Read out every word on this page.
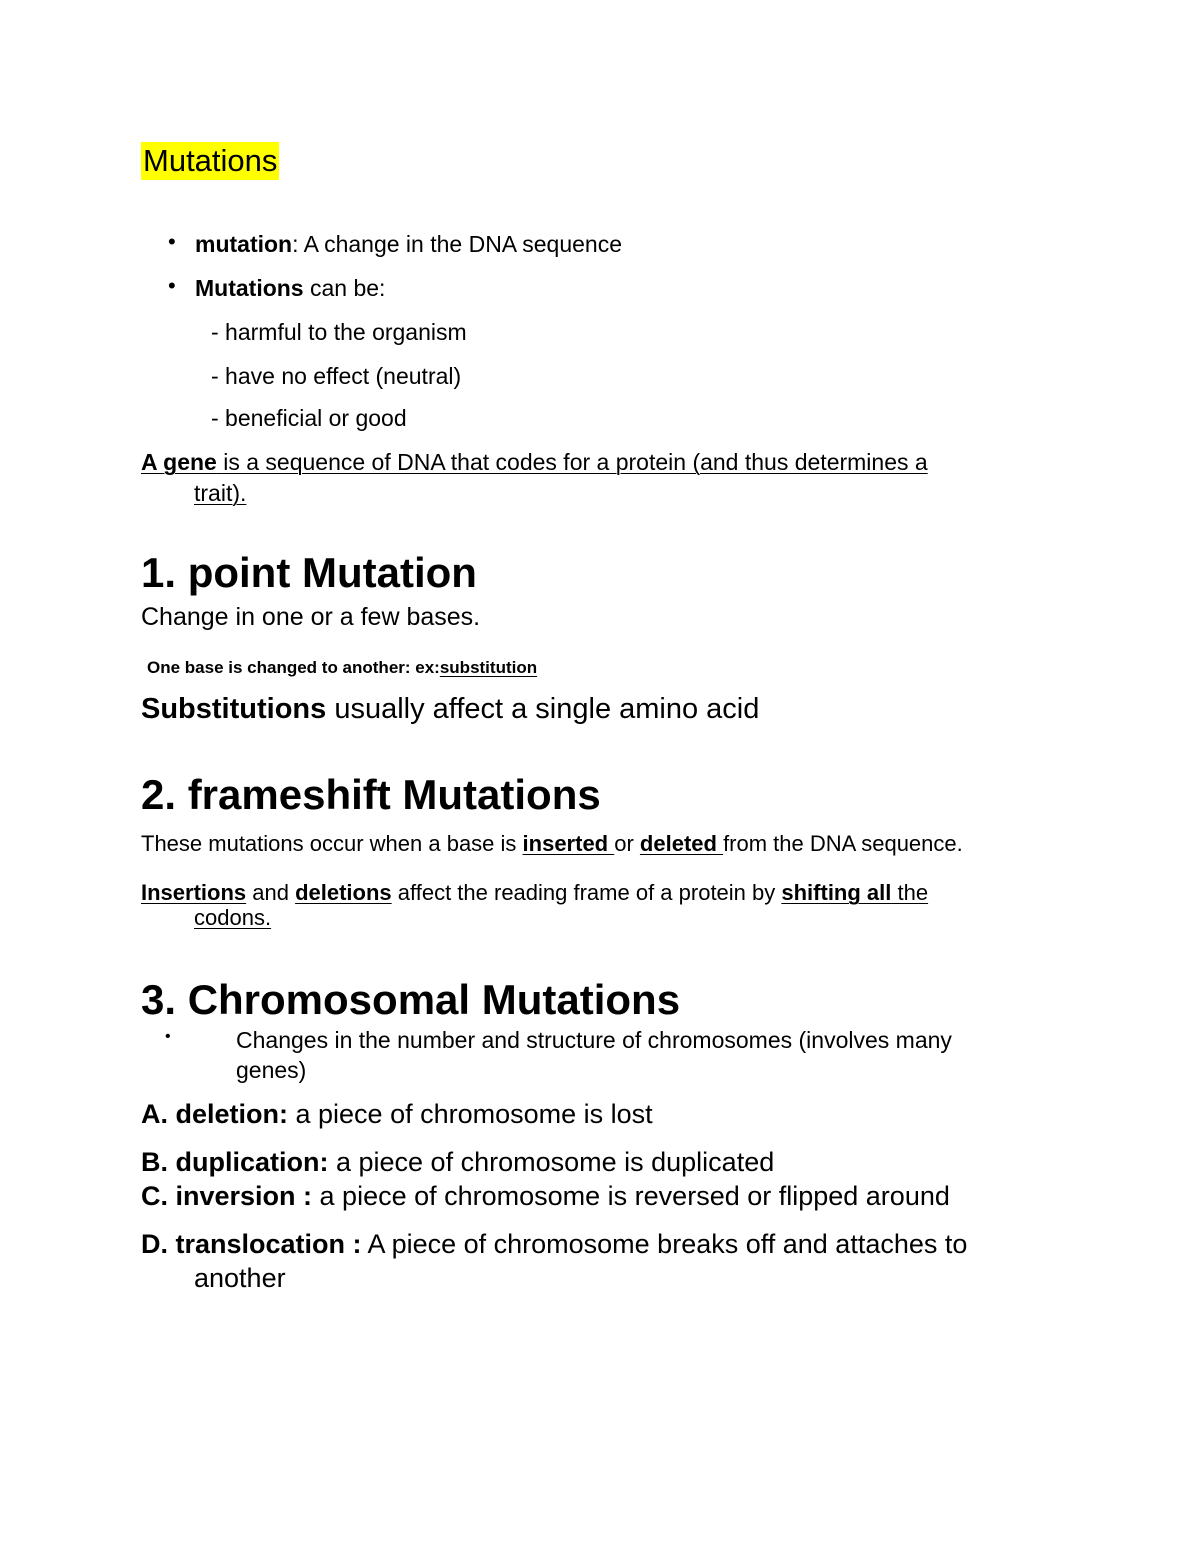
Mutations
• mutation: A change in the DNA sequence
• Mutations can be:
- harmful to the organism
- have no effect (neutral)
- beneficial or good
A gene is a sequence of DNA that codes for a protein (and thus determines a
trait).
1. point Mutation
Change in one or a few bases.
One base is changed to another: ex:substitution
Substitutions usually affect a single amino acid
2. frameshift Mutations
These mutations occur when a base is inserted or deleted from the DNA sequence.
Insertions and deletions affect the reading frame of a protein by shifting all the
codons.
3. Chromosomal Mutations
•	Changes in the number and structure of chromosomes (involves many
genes)
A. deletion: a piece of chromosome is lost
B. duplication: a piece of chromosome is duplicated
C. inversion : a piece of chromosome is reversed or flipped around
D. translocation : A piece of chromosome breaks off and attaches to
another
